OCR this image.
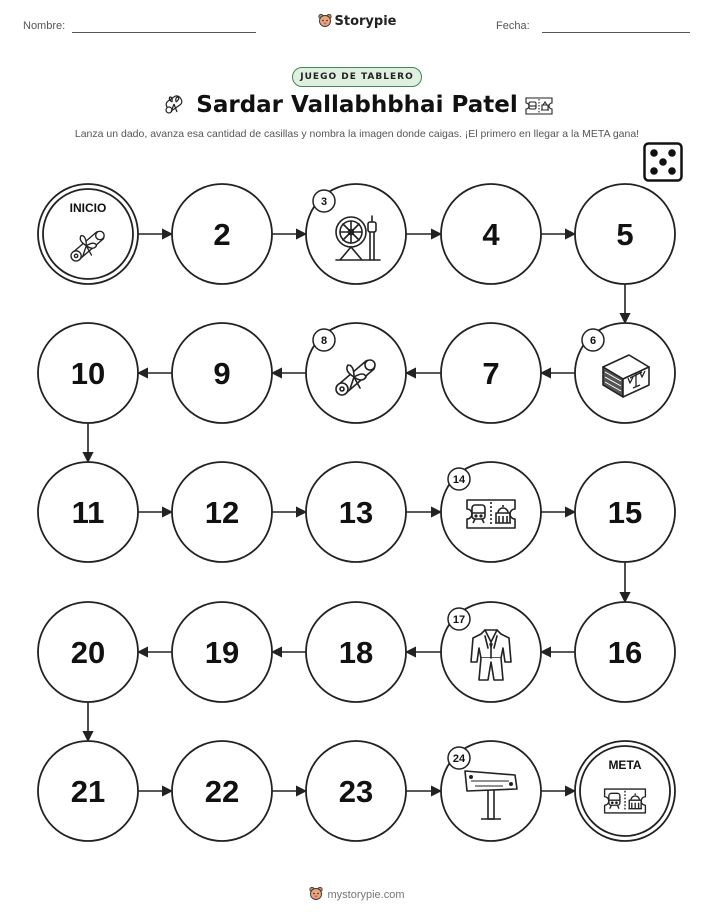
Nombre:	Storypie	Fecha:
JUEGO DE TABLERO
Sardar Vallabhbhai Patel
Lanza un dado, avanza esa cantidad de casillas y nombra la imagen donde caigas. ¡El primero en llegar a la META gana!
INICIO
2
3
4	5
10	9
8
7
6
11	12	13
14
15
20	19	18
17
16
21	22	23
24	META
mystorypie.com
